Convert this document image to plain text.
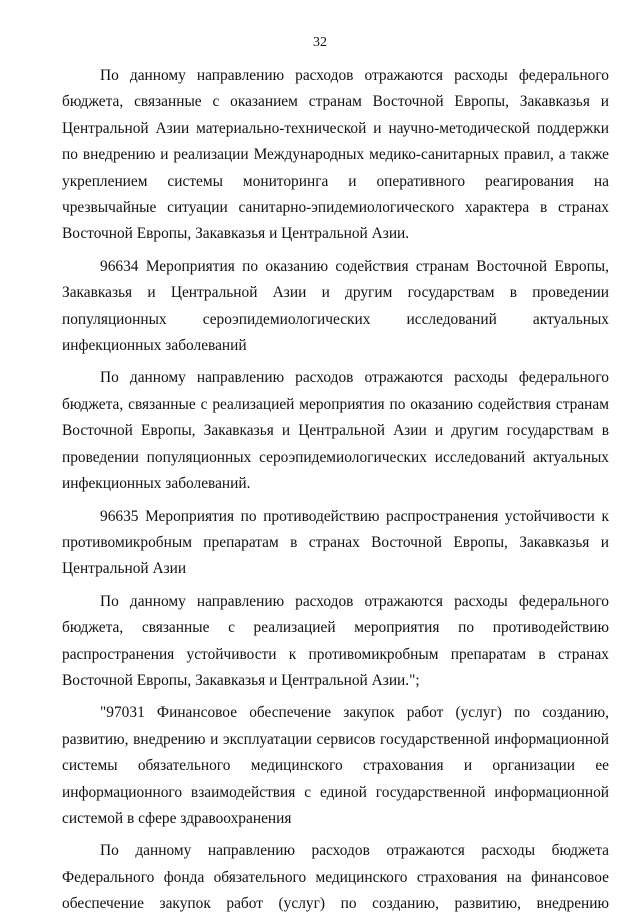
32

По данному направлению расходов отражаются расходы федерального бюджета, связанные с оказанием странам Восточной Европы, Закавказья и Центральной Азии материально-технической и научно-методической поддержки по внедрению и реализации Международных медико-санитарных правил, а также укреплением системы мониторинга и оперативного реагирования на чрезвычайные ситуации санитарно-эпидемиологического характера в странах Восточной Европы, Закавказья и Центральной Азии.

96634 Мероприятия по оказанию содействия странам Восточной Европы, Закавказья и Центральной Азии и другим государствам в проведении популяционных сероэпидемиологических исследований актуальных инфекционных заболеваний

По данному направлению расходов отражаются расходы федерального бюджета, связанные с реализацией мероприятия по оказанию содействия странам Восточной Европы, Закавказья и Центральной Азии и другим государствам в проведении популяционных сероэпидемиологических исследований актуальных инфекционных заболеваний.

96635 Мероприятия по противодействию распространения устойчивости к противомикробным препаратам в странах Восточной Европы, Закавказья и Центральной Азии

По данному направлению расходов отражаются расходы федерального бюджета, связанные с реализацией мероприятия по противодействию распространения устойчивости к противомикробным препаратам в странах Восточной Европы, Закавказья и Центральной Азии.";

"97031 Финансовое обеспечение закупок работ (услуг) по созданию, развитию, внедрению и эксплуатации сервисов государственной информационной системы обязательного медицинского страхования и организации ее информационного взаимодействия с единой государственной информационной системой в сфере здравоохранения

По данному направлению расходов отражаются расходы бюджета Федерального фонда обязательного медицинского страхования на финансовое обеспечение закупок работ (услуг) по созданию, развитию, внедрению
